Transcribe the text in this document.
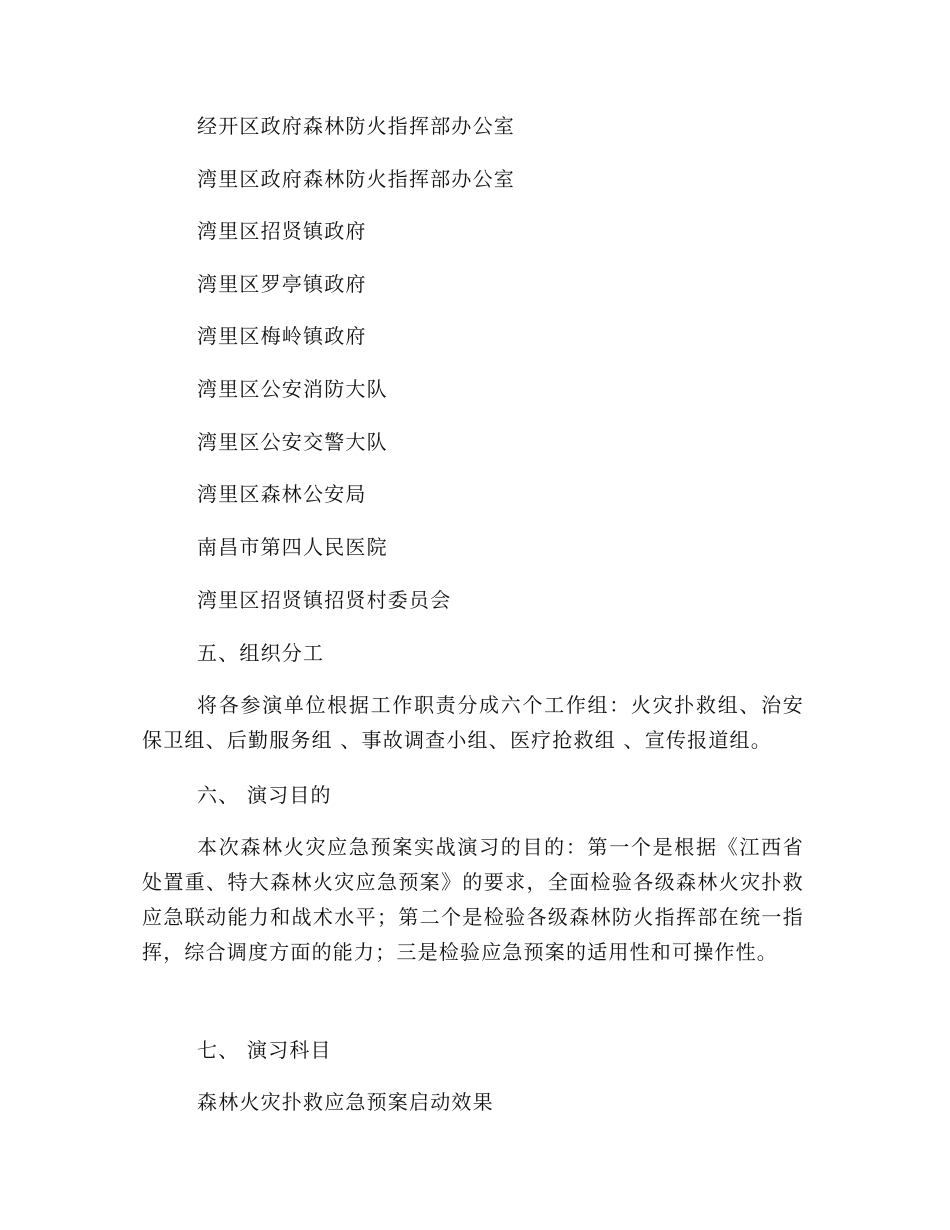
经开区政府森林防火指挥部办公室
湾里区政府森林防火指挥部办公室
湾里区招贤镇政府
湾里区罗亭镇政府
湾里区梅岭镇政府
湾里区公安消防大队
湾里区公安交警大队
湾里区森林公安局
南昌市第四人民医院
湾里区招贤镇招贤村委员会
五、组织分工
将各参演单位根据工作职责分成六个工作组：火灾扑救组、治安保卫组、后勤服务组 、事故调查小组、医疗抢救组 、宣传报道组。
六、 演习目的
本次森林火灾应急预案实战演习的目的：第一个是根据《江西省处置重、特大森林火灾应急预案》的要求，全面检验各级森林火灾扑救应急联动能力和战术水平；第二个是检验各级森林防火指挥部在统一指挥，综合调度方面的能力；三是检验应急预案的适用性和可操作性。
七、 演习科目
森林火灾扑救应急预案启动效果
